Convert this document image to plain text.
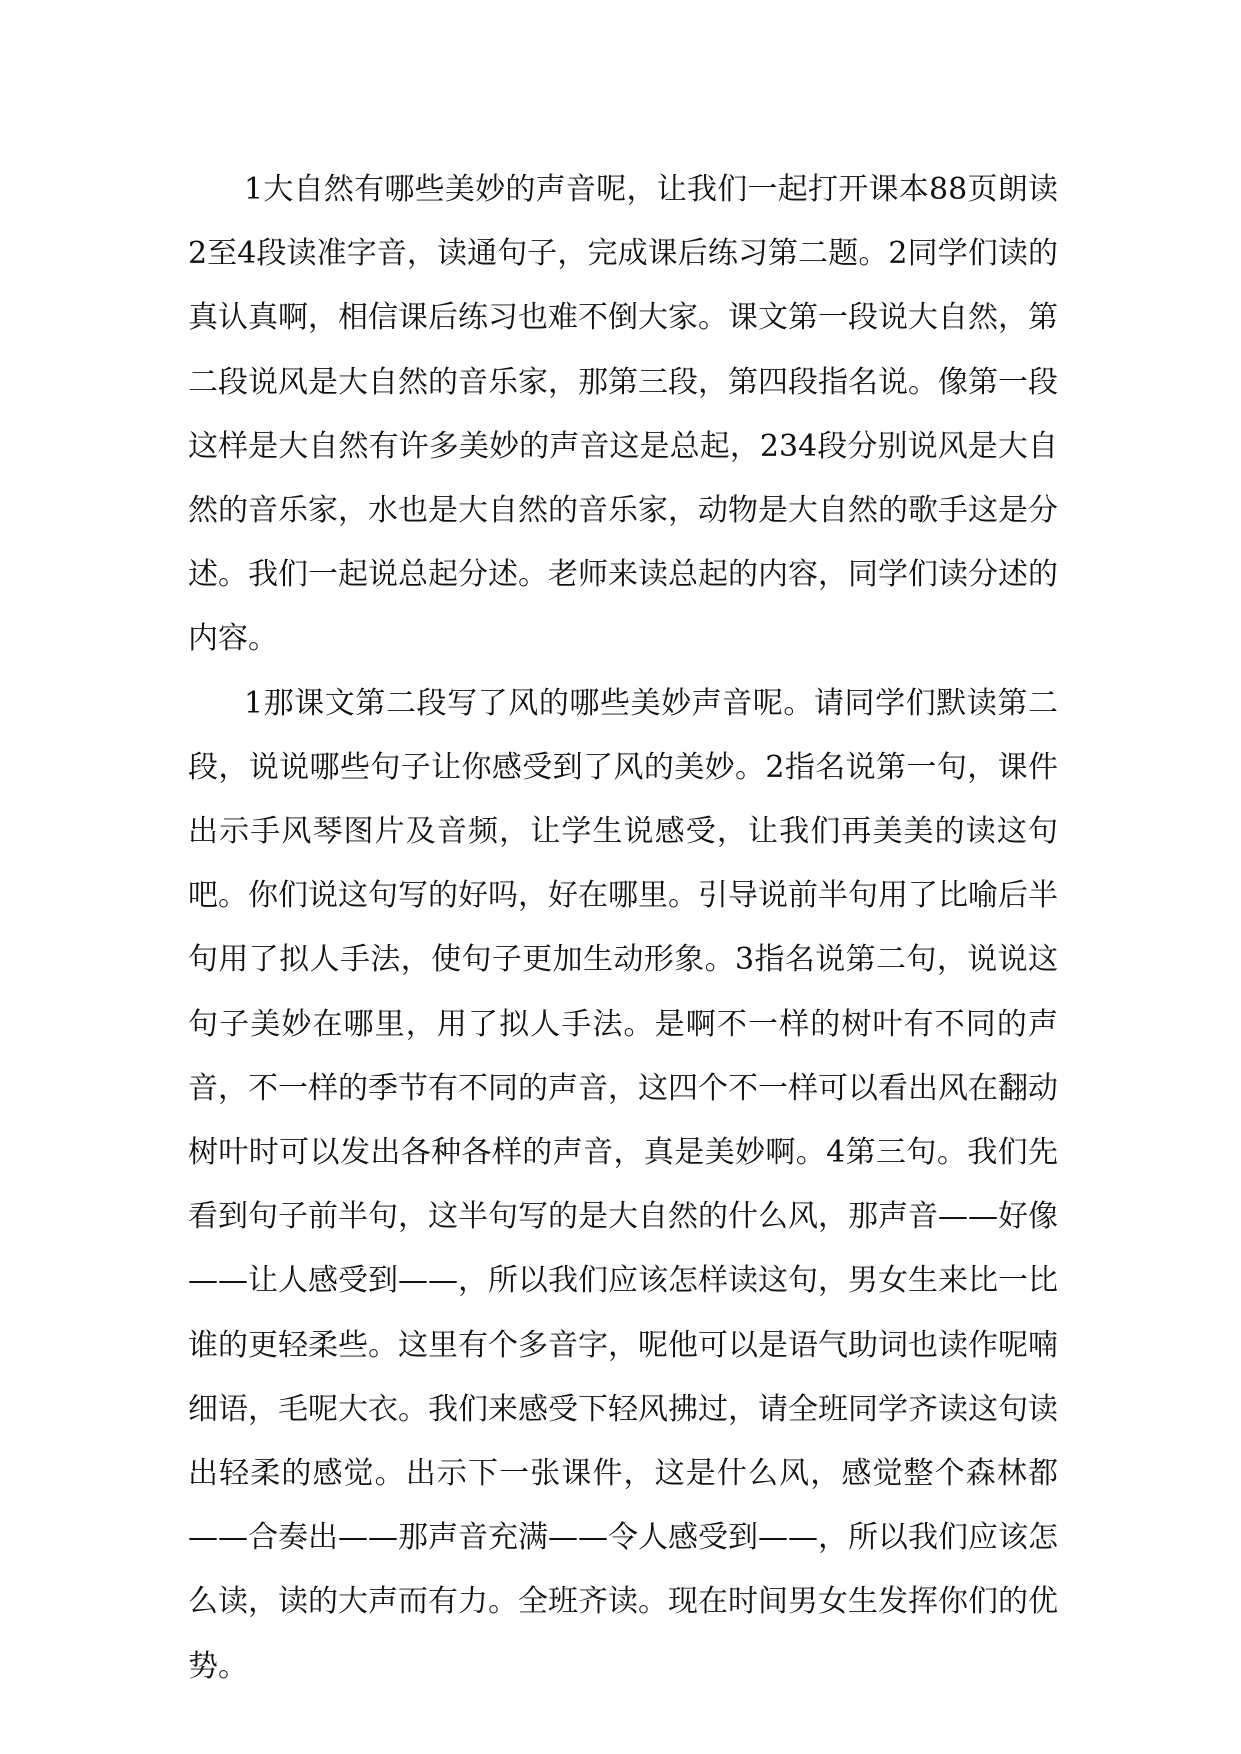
1大自然有哪些美妙的声音呢，让我们一起打开课本88页朗读2至4段读准字音，读通句子，完成课后练习第二题。2同学们读的真认真啊，相信课后练习也难不倒大家。课文第一段说大自然，第二段说风是大自然的音乐家，那第三段，第四段指名说。像第一段这样是大自然有许多美妙的声音这是总起，234段分别说风是大自然的音乐家，水也是大自然的音乐家，动物是大自然的歌手这是分述。我们一起说总起分述。老师来读总起的内容，同学们读分述的内容。

1那课文第二段写了风的哪些美妙声音呢。请同学们默读第二段，说说哪些句子让你感受到了风的美妙。2指名说第一句，课件出示手风琴图片及音频，让学生说感受，让我们再美美的读这句吧。你们说这句写的好吗，好在哪里。引导说前半句用了比喻后半句用了拟人手法，使句子更加生动形象。3指名说第二句，说说这句子美妙在哪里，用了拟人手法。是啊不一样的树叶有不同的声音，不一样的季节有不同的声音，这四个不一样可以看出风在翻动树叶时可以发出各种各样的声音，真是美妙啊。4第三句。我们先看到句子前半句，这半句写的是大自然的什么风，那声音——好像——让人感受到——，所以我们应该怎样读这句，男女生来比一比谁的更轻柔些。这里有个多音字，呢他可以是语气助词也读作呢喃细语，毛呢大衣。我们来感受下轻风拂过，请全班同学齐读这句读出轻柔的感觉。出示下一张课件，这是什么风，感觉整个森林都——合奏出——那声音充满——令人感受到——，所以我们应该怎么读，读的大声而有力。全班齐读。现在时间男女生发挥你们的优势。
